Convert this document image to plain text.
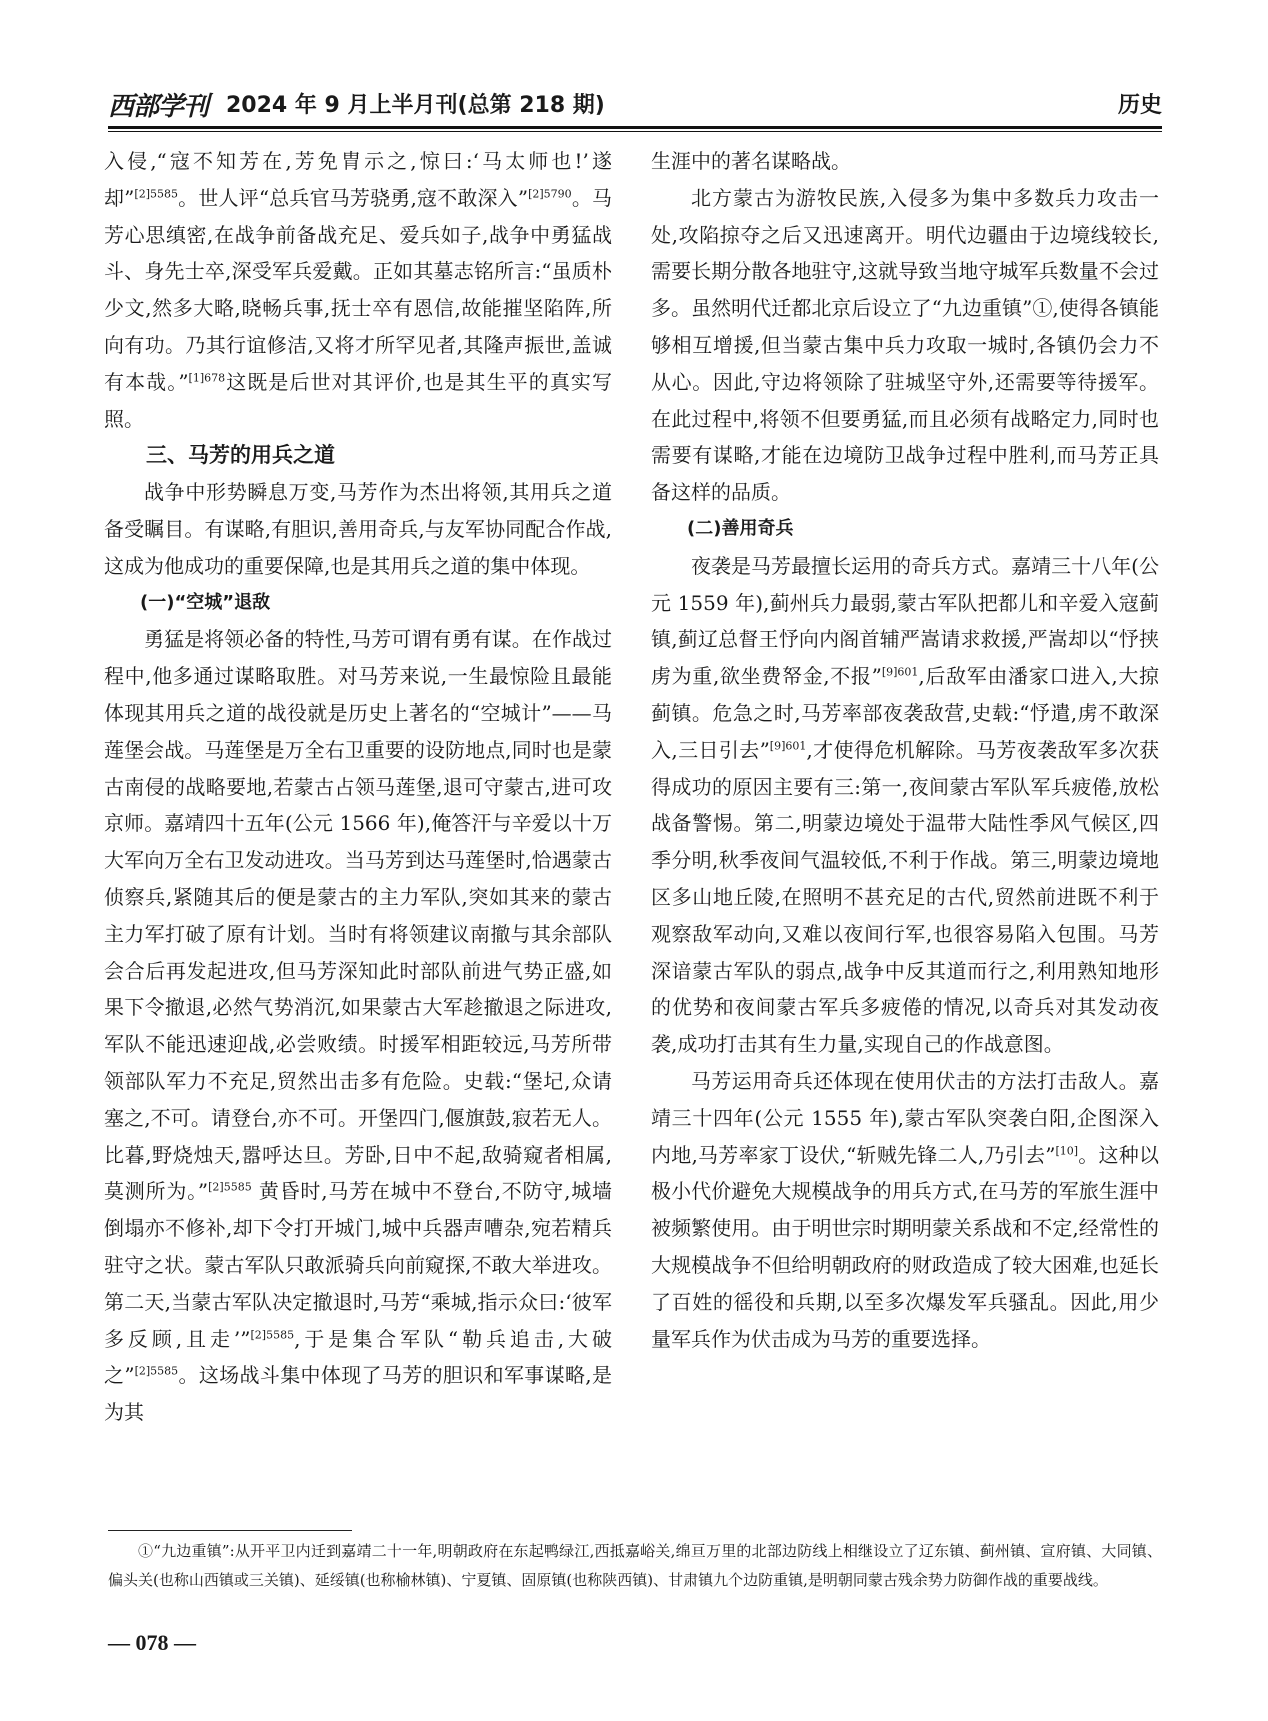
西部学刊 2024 年 9 月上半月刊(总第 218 期)	历史

入侵,“寇不知芳在,芳免胄示之,惊曰:‘马太师也!’遂却”$^{[2]5585}$。世人评“总兵官马芳骁勇,寇不敢深入”$^{[2]5790}$。马芳心思缜密,在战争前备战充足、爱兵如子,战争中勇猛战斗、身先士卒,深受军兵爱戴。正如其墓志铭所言:“虽质朴少文,然多大略,晓畅兵事,抚士卒有恩信,故能摧坚陷阵,所向有功。乃其行谊修洁,又将才所罕见者,其隆声振世,盖诚有本哉。”$^{[1]678}$这既是后世对其评价,也是其生平的真实写照。

三、马芳的用兵之道

战争中形势瞬息万变,马芳作为杰出将领,其用兵之道备受瞩目。有谋略,有胆识,善用奇兵,与友军协同配合作战,这成为他成功的重要保障,也是其用兵之道的集中体现。

(一)“空城”退敌

勇猛是将领必备的特性,马芳可谓有勇有谋。在作战过程中,他多通过谋略取胜。对马芳来说,一生最惊险且最能体现其用兵之道的战役就是历史上著名的“空城计”——马莲堡会战。马莲堡是万全右卫重要的设防地点,同时也是蒙古南侵的战略要地,若蒙古占领马莲堡,退可守蒙古,进可攻京师。嘉靖四十五年(公元 1566 年),俺答汗与辛爱以十万大军向万全右卫发动进攻。当马芳到达马莲堡时,恰遇蒙古侦察兵,紧随其后的便是蒙古的主力军队,突如其来的蒙古主力军打破了原有计划。当时有将领建议南撤与其余部队会合后再发起进攻,但马芳深知此时部队前进气势正盛,如果下令撤退,必然气势消沉,如果蒙古大军趁撤退之际进攻,军队不能迅速迎战,必尝败绩。时援军相距较远,马芳所带领部队军力不充足,贸然出击多有危险。史载:“堡圮,众请塞之,不可。请登台,亦不可。开堡四门,偃旗鼓,寂若无人。比暮,野烧烛天,嚣呼达旦。芳卧,日中不起,敌骑窥者相属,莫测所为。”$^{[2]5585}$ 黄昏时,马芳在城中不登台,不防守,城墙倒塌亦不修补,却下令打开城门,城中兵器声嘈杂,宛若精兵驻守之状。蒙古军队只敢派骑兵向前窥探,不敢大举进攻。第二天,当蒙古军队决定撤退时,马芳“乘城,指示众曰:‘彼军多反顾,且走’”$^{[2]5585}$,于是集合军队“勒兵追击,大破之”$^{[2]5585}$。这场战斗集中体现了马芳的胆识和军事谋略,是为其

生涯中的著名谋略战。

北方蒙古为游牧民族,入侵多为集中多数兵力攻击一处,攻陷掠夺之后又迅速离开。明代边疆由于边境线较长,需要长期分散各地驻守,这就导致当地守城军兵数量不会过多。虽然明代迁都北京后设立了“九边重镇”①,使得各镇能够相互增援,但当蒙古集中兵力攻取一城时,各镇仍会力不从心。因此,守边将领除了驻城坚守外,还需要等待援军。在此过程中,将领不但要勇猛,而且必须有战略定力,同时也需要有谋略,才能在边境防卫战争过程中胜利,而马芳正具备这样的品质。

(二)善用奇兵

夜袭是马芳最擅长运用的奇兵方式。嘉靖三十八年(公元 1559 年),蓟州兵力最弱,蒙古军队把都儿和辛爱入寇蓟镇,蓟辽总督王忬向内阁首辅严嵩请求救援,严嵩却以“忬挟虏为重,欲坐费帑金,不报”$^{[9]601}$,后敌军由潘家口进入,大掠蓟镇。危急之时,马芳率部夜袭敌营,史载:“忬遣,虏不敢深入,三日引去”$^{[9]601}$,才使得危机解除。马芳夜袭敌军多次获得成功的原因主要有三:第一,夜间蒙古军队军兵疲倦,放松战备警惕。第二,明蒙边境处于温带大陆性季风气候区,四季分明,秋季夜间气温较低,不利于作战。第三,明蒙边境地区多山地丘陵,在照明不甚充足的古代,贸然前进既不利于观察敌军动向,又难以夜间行军,也很容易陷入包围。马芳深谙蒙古军队的弱点,战争中反其道而行之,利用熟知地形的优势和夜间蒙古军兵多疲倦的情况,以奇兵对其发动夜袭,成功打击其有生力量,实现自己的作战意图。

马芳运用奇兵还体现在使用伏击的方法打击敌人。嘉靖三十四年(公元 1555 年),蒙古军队突袭白阳,企图深入内地,马芳率家丁设伏,“斩贼先锋二人,乃引去”[10]。这种以极小代价避免大规模战争的用兵方式,在马芳的军旅生涯中被频繁使用。由于明世宗时期明蒙关系战和不定,经常性的大规模战争不但给明朝政府的财政造成了较大困难,也延长了百姓的徭役和兵期,以至多次爆发军兵骚乱。因此,用少量军兵作为伏击成为马芳的重要选择。

①“九边重镇”:从开平卫内迁到嘉靖二十一年,明朝政府在东起鸭绿江,西抵嘉峪关,绵亘万里的北部边防线上相继设立了辽东镇、蓟州镇、宣府镇、大同镇、偏头关(也称山西镇或三关镇)、延绥镇(也称榆林镇)、宁夏镇、固原镇(也称陕西镇)、甘肃镇九个边防重镇,是明朝同蒙古残余势力防御作战的重要战线。
— 078 —
